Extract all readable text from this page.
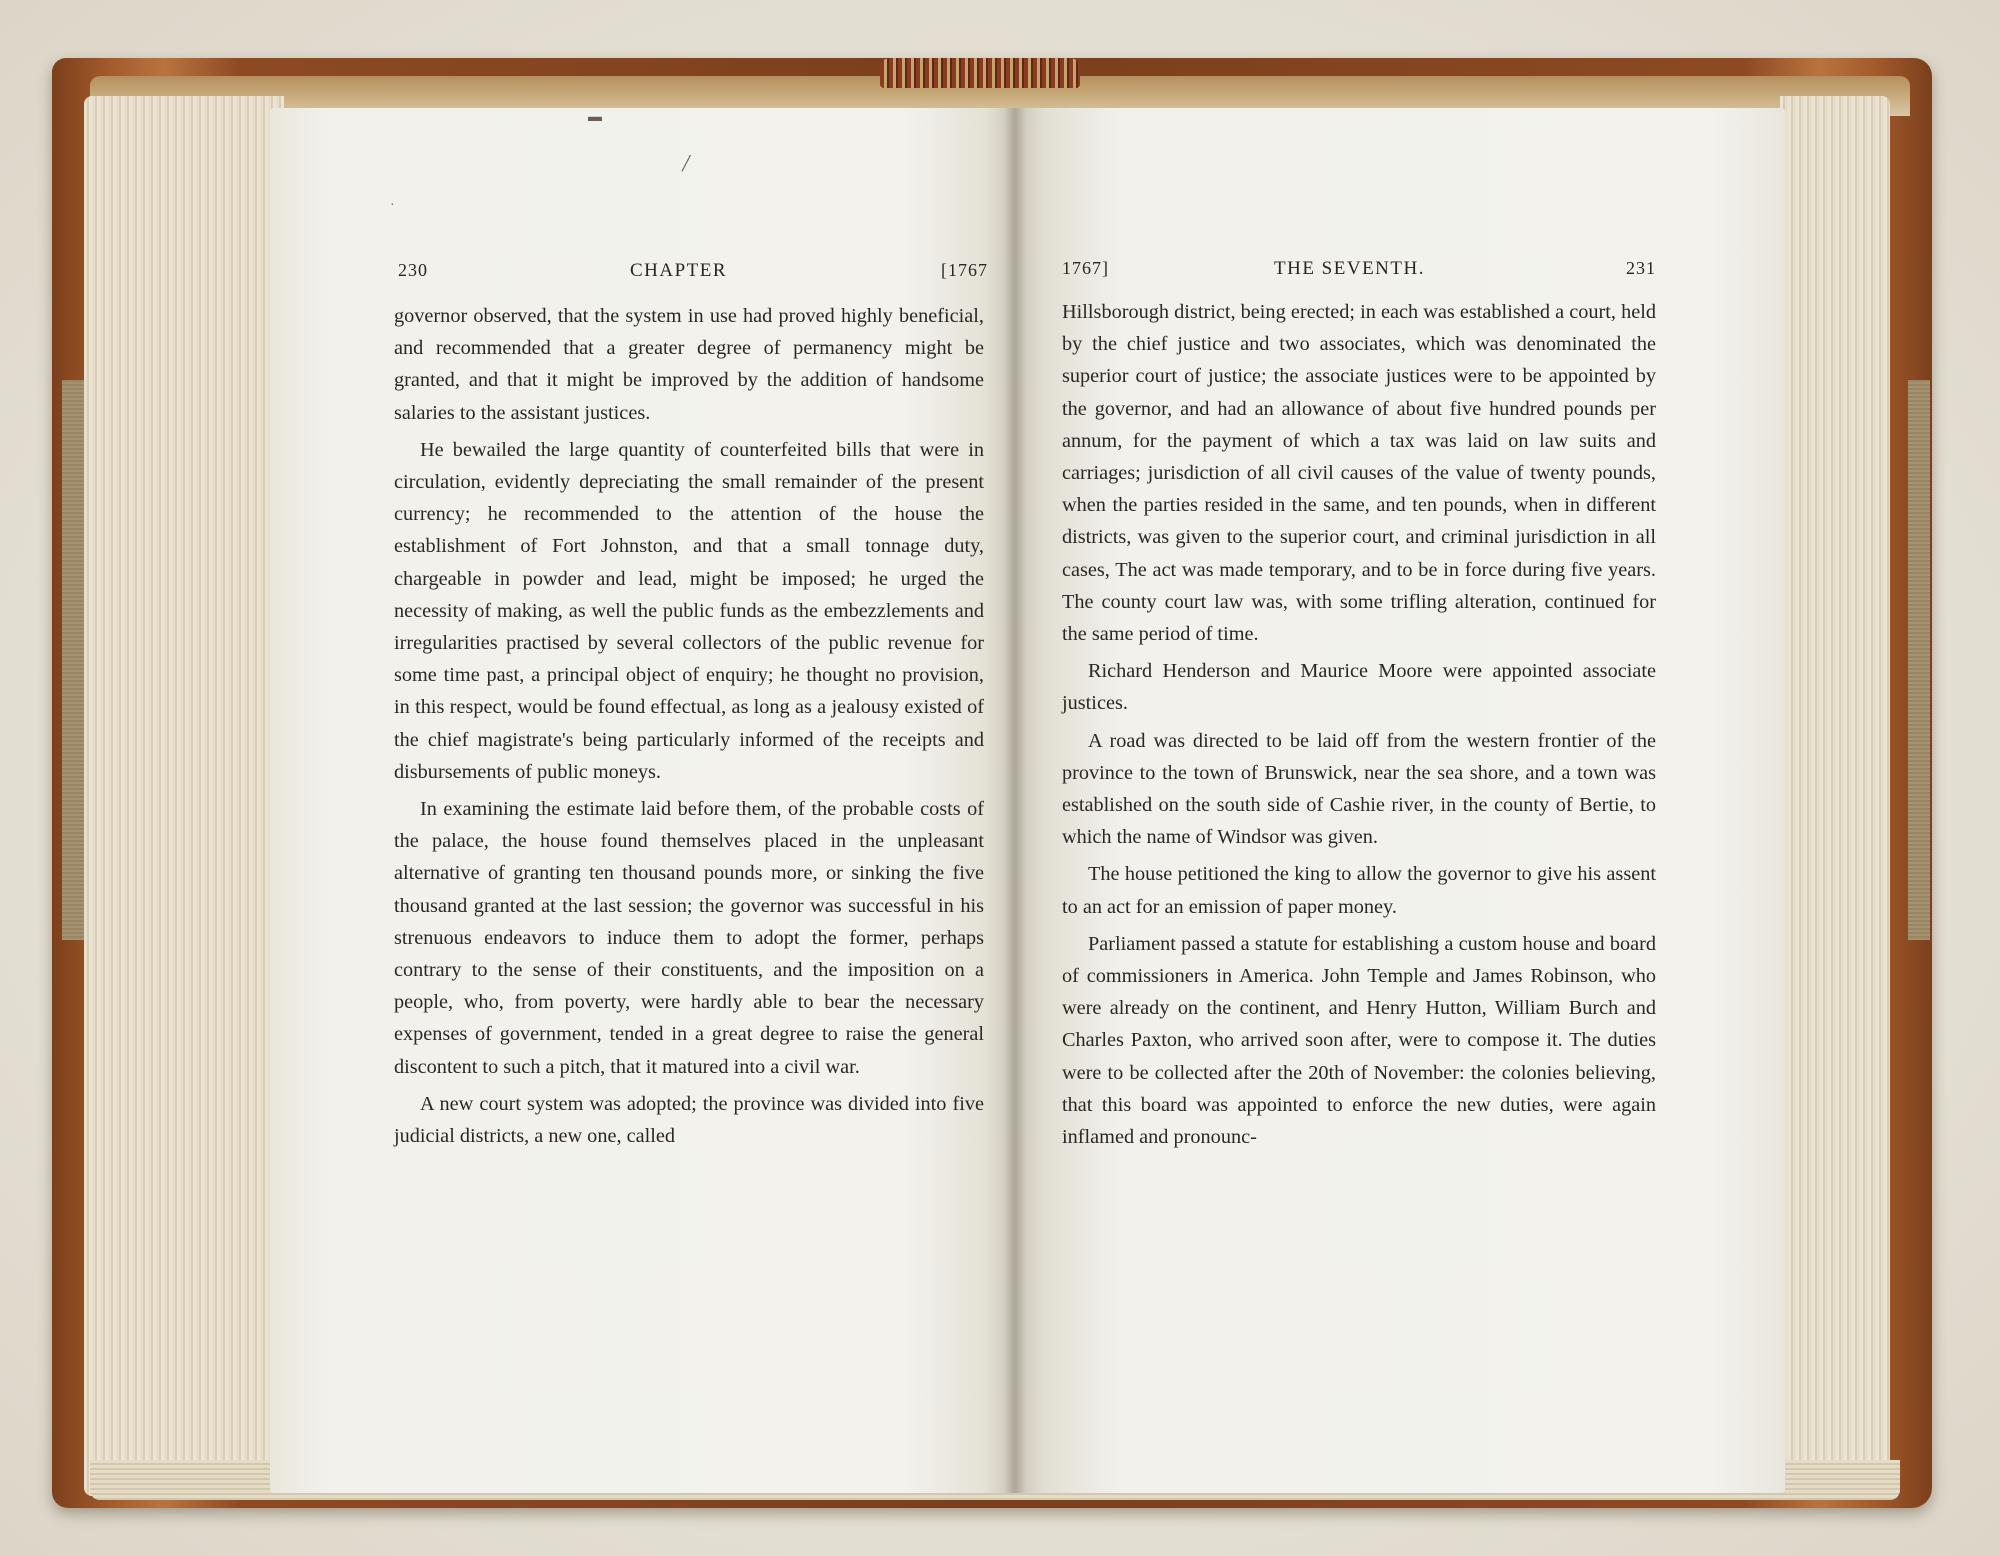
▬
╱
·
230	CHAPTER	[1767

governor observed, that the system in use had proved highly beneficial, and recommended that a greater degree of permanency might be granted, and that it might be improved by the addition of handsome salaries to the assistant justices.

He bewailed the large quantity of counterfeited bills that were in circulation, evidently depreciating the small remainder of the present currency; he recommended to the attention of the house the establishment of Fort Johnston, and that a small tonnage duty, chargeable in powder and lead, might be imposed; he urged the necessity of making, as well the public funds as the embezzlements and irregularities practised by several collectors of the public revenue for some time past, a principal object of enquiry; he thought no provision, in this respect, would be found effectual, as long as a jealousy existed of the chief magistrate's being particularly informed of the receipts and disbursements of public moneys.

In examining the estimate laid before them, of the probable costs of the palace, the house found themselves placed in the unpleasant alternative of granting ten thousand pounds more, or sinking the five thousand granted at the last session; the governor was successful in his strenuous endeavors to induce them to adopt the former, perhaps contrary to the sense of their constituents, and the imposition on a people, who, from poverty, were hardly able to bear the necessary expenses of government, tended in a great degree to raise the general discontent to such a pitch, that it matured into a civil war.

A new court system was adopted; the province was divided into five judicial districts, a new one, called

1767]	THE SEVENTH.	231

Hillsborough district, being erected; in each was established a court, held by the chief justice and two associates, which was denominated the superior court of justice; the associate justices were to be appointed by the governor, and had an allowance of about five hundred pounds per annum, for the payment of which a tax was laid on law suits and carriages; jurisdiction of all civil causes of the value of twenty pounds, when the parties resided in the same, and ten pounds, when in different districts, was given to the superior court, and criminal jurisdiction in all cases, The act was made temporary, and to be in force during five years. The county court law was, with some trifling alteration, continued for the same period of time.

Richard Henderson and Maurice Moore were appointed associate justices.

A road was directed to be laid off from the western frontier of the province to the town of Brunswick, near the sea shore, and a town was established on the south side of Cashie river, in the county of Bertie, to which the name of Windsor was given.

The house petitioned the king to allow the governor to give his assent to an act for an emission of paper money.

Parliament passed a statute for establishing a custom house and board of commissioners in America. John Temple and James Robinson, who were already on the continent, and Henry Hutton, William Burch and Charles Paxton, who arrived soon after, were to compose it. The duties were to be collected after the 20th of November: the colonies believing, that this board was appointed to enforce the new duties, were again inflamed and pronounc-
